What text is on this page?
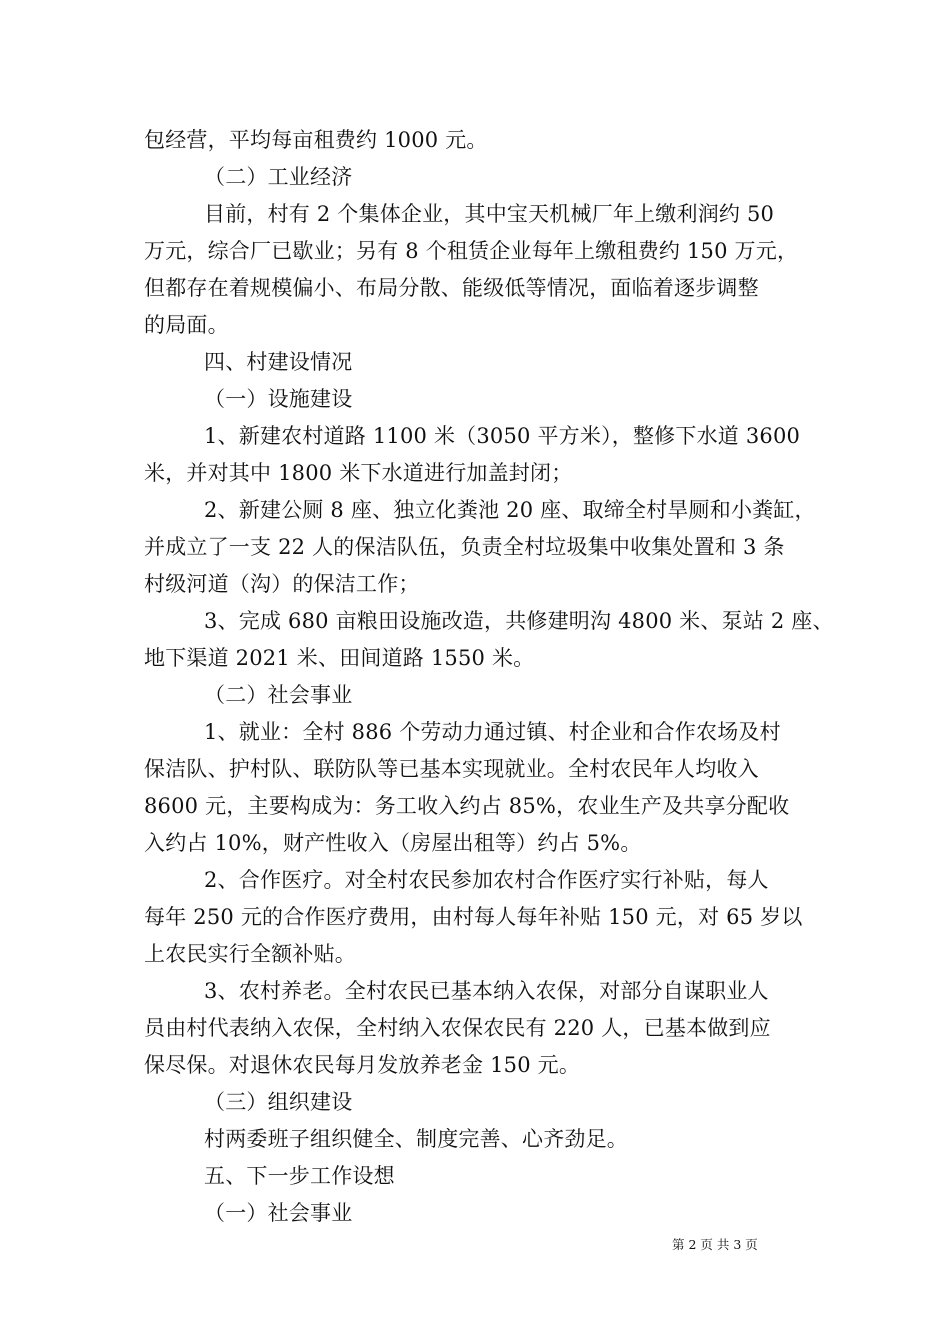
包经营，平均每亩租费约 1000 元。
（二）工业经济
目前，村有 2 个集体企业，其中宝天机械厂年上缴利润约 50
万元，综合厂已歇业；另有 8 个租赁企业每年上缴租费约 150 万元，
但都存在着规模偏小、布局分散、能级低等情况，面临着逐步调整
的局面。
四、村建设情况
（一）设施建设
1、新建农村道路 1100 米（3050 平方米），整修下水道 3600
米，并对其中 1800 米下水道进行加盖封闭；
2、新建公厕 8 座、独立化粪池 20 座、取缔全村旱厕和小粪缸，
并成立了一支 22 人的保洁队伍，负责全村垃圾集中收集处置和 3 条
村级河道（沟）的保洁工作；
3、完成 680 亩粮田设施改造，共修建明沟 4800 米、泵站 2 座、
地下渠道 2021 米、田间道路 1550 米。
（二）社会事业
1、就业：全村 886 个劳动力通过镇、村企业和合作农场及村
保洁队、护村队、联防队等已基本实现就业。全村农民年人均收入
8600 元，主要构成为：务工收入约占 85%，农业生产及共享分配收
入约占 10%，财产性收入（房屋出租等）约占 5%。
2、合作医疗。对全村农民参加农村合作医疗实行补贴，每人
每年 250 元的合作医疗费用，由村每人每年补贴 150 元，对 65 岁以
上农民实行全额补贴。
3、农村养老。全村农民已基本纳入农保，对部分自谋职业人
员由村代表纳入农保，全村纳入农保农民有 220 人，已基本做到应
保尽保。对退休农民每月发放养老金 150 元。
（三）组织建设
村两委班子组织健全、制度完善、心齐劲足。
五、下一步工作设想
（一）社会事业
第 2 页 共 3 页
